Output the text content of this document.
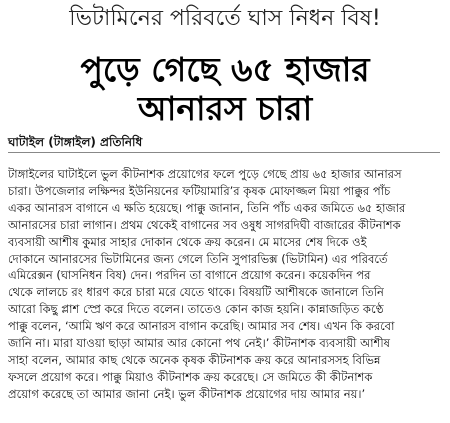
ভিটামিনের পরিবর্তে ঘাস নিধন বিষ!
পুড়ে গেছে ৬৫ হাজার
আনারস চারা
ঘাটাইল (টাঙ্গাইল) প্রতিনিধি
টাঙ্গাইলের ঘাটাইলে ভুল কীটনাশক প্রয়োগের ফলে পুড়ে গেছে প্রায় ৬৫ হাজার আনারস
চারা। উপজেলার লক্ষিন্দর ইউনিয়নের ফটিয়ামারি’র কৃষক মোফাজ্জল মিয়া পাক্কুর পাঁচ
একর আনারস বাগানে এ ক্ষতি হয়েছে। পাক্কু জানান, তিনি পাঁচ একর জমিতে ৬৫ হাজার
আনারসের চারা লাগান। প্রথম থেকেই বাগানের সব ওষুধ সাগরদিঘী বাজারের কীটনাশক
ব্যবসায়ী আশীষ কুমার সাহার দোকান থেকে ক্রয় করেন। মে মাসের শেষ দিকে ওই
দোকানে আনারসের ভিটামিনের জন্য গেলে তিনি সুপারভিক্স (ভিটামিন) এর পরিবর্তে
এমিরেক্সন (ঘাসনিধন বিষ) দেন। পরদিন তা বাগানে প্রয়োগ করেন। কয়েকদিন পর
থেকে লালচে রং ধারণ করে চারা মরে যেতে থাকে। বিষয়টি আশীষকে জানালে তিনি
আরো কিছু প্লাশ স্প্রে করে দিতে বলেন। তাতেও কোন কাজ হয়নি। কান্নাজড়িত কণ্ঠে
পাক্কু বলেন, ‘আমি ঋণ করে আনারস বাগান করেছি। আমার সব শেষ। এখন কি করবো
জানি না। মারা যাওয়া ছাড়া আমার আর কোনো পথ নেই।’ কীটনাশক ব্যবসায়ী আশীষ
সাহা বলেন, আমার কাছ থেকে অনেক কৃষক কীটনাশক ক্রয় করে আনারসসহ বিভিন্ন
ফসলে প্রয়োগ করে। পাক্কু মিয়াও কীটনাশক ক্রয় করেছে। সে জমিতে কী কীটনাশক
প্রয়োগ করেছে তা আমার জানা নেই। ভুল কীটনাশক প্রয়োগের দায় আমার নয়।’
